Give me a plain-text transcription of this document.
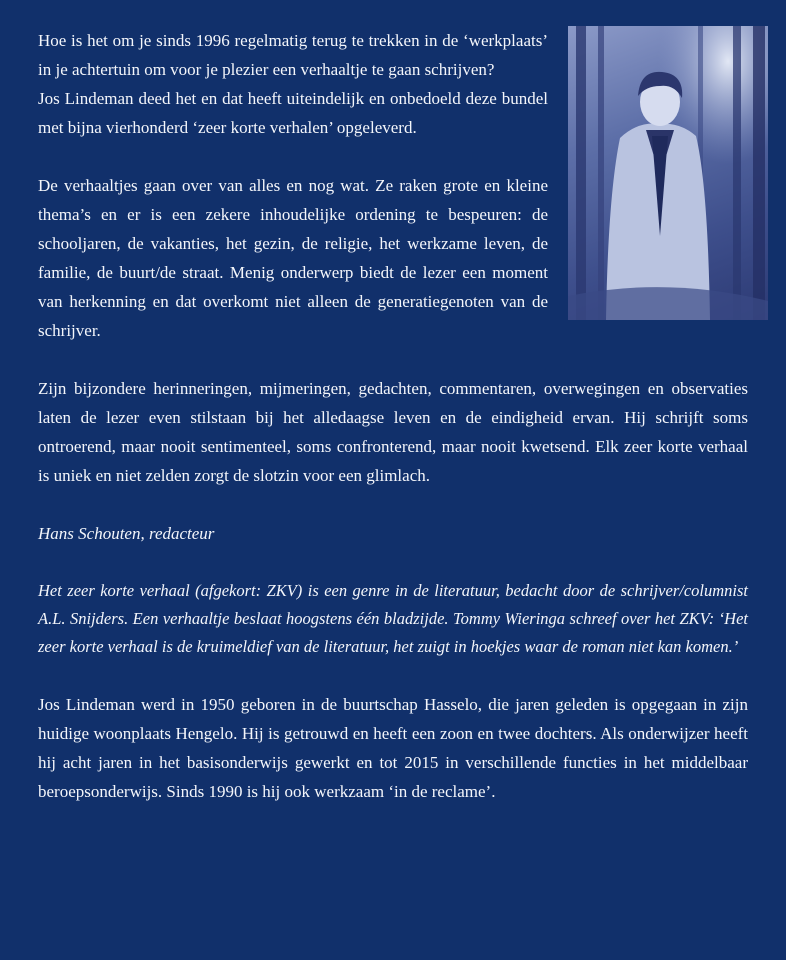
Hoe is het om je sinds 1996 regelmatig terug te trekken in de ‘werkplaats’ in je achtertuin om voor je plezier een verhaaltje te gaan schrijven?

Jos Lindeman deed het en dat heeft uiteindelijk en onbedoeld deze bundel met bijna vierhonderd ‘zeer korte verhalen’ opgeleverd.

De verhaaltjes gaan over van alles en nog wat. Ze raken grote en kleine thema’s en er is een zekere inhoudelijke ordening te bespeuren: de schooljaren, de vakanties, het gezin, de religie, het werkzame leven, de familie, de buurt/de straat. Menig onderwerp biedt de lezer een moment van herkenning en dat overkomt niet alleen de generatiegenoten van de schrijver.

Zijn bijzondere herinneringen, mijmeringen, gedachten, commentaren, overwegingen en observaties laten de lezer even stilstaan bij het alledaagse leven en de eindigheid ervan. Hij schrijft soms ontroerend, maar nooit sentimenteel, soms confronterend, maar nooit kwetsend. Elk zeer korte verhaal is uniek en niet zelden zorgt de slotzin voor een glimlach.

Hans Schouten, redacteur

Het zeer korte verhaal (afgekort: ZKV) is een genre in de literatuur, bedacht door de schrijver/columnist A.L. Snijders. Een verhaaltje beslaat hoogstens één bladzijde. Tommy Wieringa schreef over het ZKV: ‘Het zeer korte verhaal is de kruimeldief van de literatuur, het zuigt in hoekjes waar de roman niet kan komen.’

Jos Lindeman werd in 1950 geboren in de buurtschap Hasselo, die jaren geleden is opgegaan in zijn huidige woonplaats Hengelo. Hij is getrouwd en heeft een zoon en twee dochters. Als onderwijzer heeft hij acht jaren in het basisonderwijs gewerkt en tot 2015 in verschillende functies in het middelbaar beroepsonderwijs. Sinds 1990 is hij ook werkzaam ‘in de reclame’.
